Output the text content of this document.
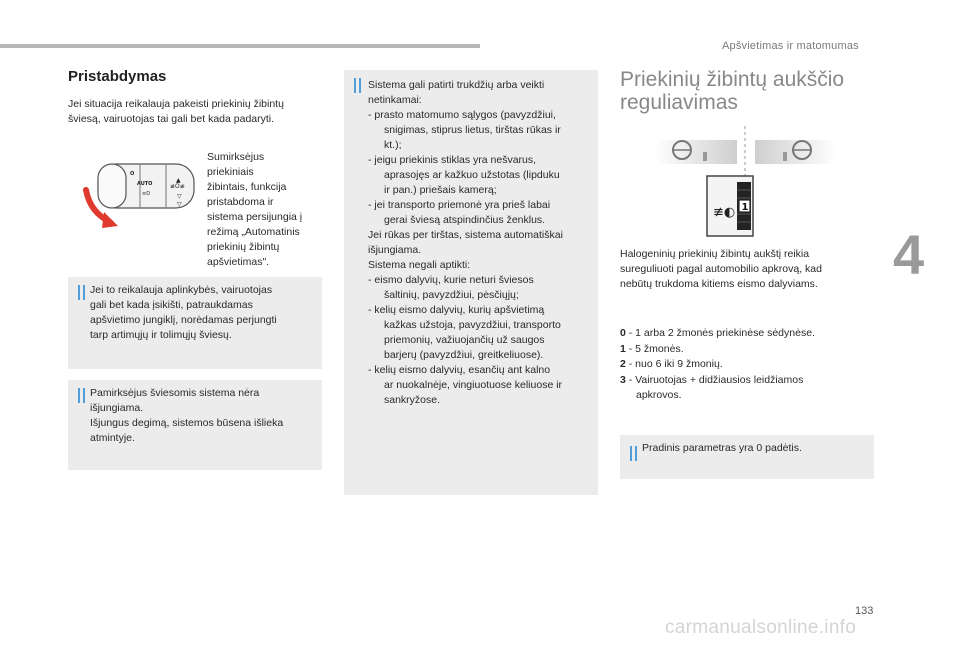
Apšvietimas ir matomumas
4
Pristabdymas
Jei situacija reikalauja pakeisti priekinių žibintų
šviesą, vairuotojas tai gali bet kada padaryti.
O
AUTO
≡D
≢O≢
▲
▽
▽
Sumirksėjus
priekiniais
žibintais, funkcija
pristabdoma ir
sistema persijungia į
režimą „Automatinis
priekinių žibintų
apšvietimas".
Jei to reikalauja aplinkybės, vairuotojas
gali bet kada įsikišti, patraukdamas
apšvietimo jungiklį, norėdamas perjungti
tarp artimųjų ir tolimųjų šviesų.
Pamirksėjus šviesomis sistema nėra
išjungiama.
Išjungus degimą, sistemos būsena išlieka
atmintyje.
Sistema gali patirti trukdžių arba veikti
netinkamai:
- prasto matomumo sąlygos (pavyzdžiui,
snigimas, stiprus lietus, tirštas rūkas ir
kt.);
- jeigu priekinis stiklas yra nešvarus,
aprasojęs ar kažkuo užstotas (lipduku
ir pan.) priešais kamerą;
- jei transporto priemonė yra prieš labai
gerai šviesą atspindinčius ženklus.
Jei rūkas per tirštas, sistema automatiškai
išjungiama.
Sistema negali aptikti:
- eismo dalyvių, kurie neturi šviesos
šaltinių, pavyzdžiui, pėsčiųjų;
- kelių eismo dalyvių, kurių apšvietimą
kažkas užstoja, pavyzdžiui, transporto
priemonių, važiuojančių už saugos
barjerų (pavyzdžiui, greitkeliuose).
- kelių eismo dalyvių, esančių ant kalno
ar nuokalnėje, vingiuotuose keliuose ir
sankryžose.
Priekinių žibintų aukščio
reguliavimas
≢◐ 1
Halogeninių priekinių žibintų aukštį reikia
sureguliuoti pagal automobilio apkrovą, kad
nebūtų trukdoma kitiems eismo dalyviams.
0 - 1 arba 2 žmonės priekinėse sėdynėse.
1 - 5 žmonės.
2 - nuo 6 iki 9 žmonių.
3 - Vairuotojas + didžiausios leidžiamos
apkrovos.
Pradinis parametras yra 0 padėtis.
133
carmanualsonline.info
